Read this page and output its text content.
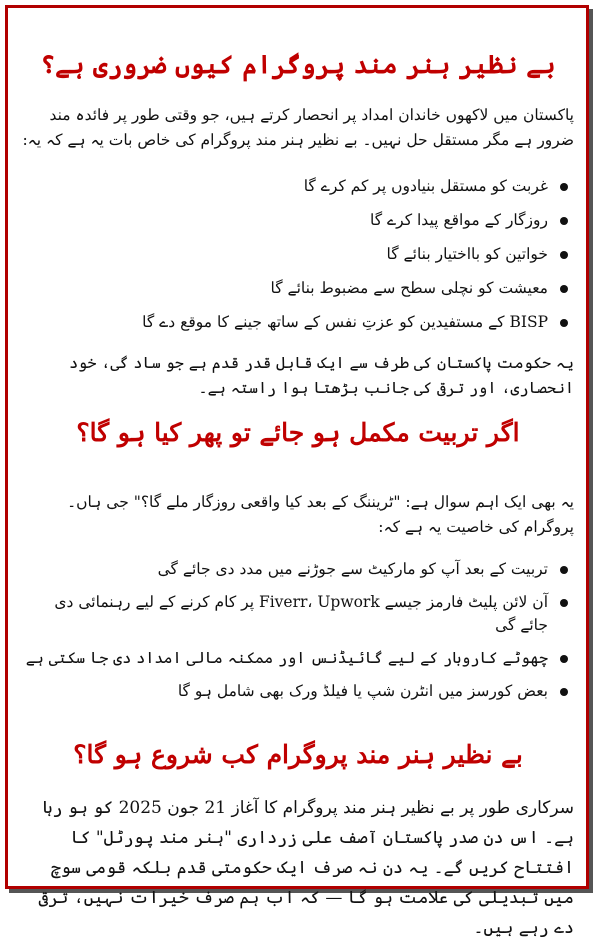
بے نظیر ہنر مند پروگرام کیوں ضروری ہے؟

پاکستان میں لاکھوں خاندان امداد پر انحصار کرتے ہیں، جو وقتی طور پر فائدہ مند ضرور ہے مگر مستقل حل نہیں۔ بے نظیر ہنر مند پروگرام کی خاص بات یہ ہے کہ یہ:

غربت کو مستقل بنیادوں پر کم کرے گا
روزگار کے مواقع پیدا کرے گا
خواتین کو بااختیار بنائے گا
معیشت کو نچلی سطح سے مضبوط بنائے گا
BISP کے مستفیدین کو عزتِ نفس کے ساتھ جینے کا موقع دے گا

یہ حکومت پاکستان کی طرف سے ایک قابل قدر قدم ہے جو ساد گی، خود انحصاری، اور ترقی کی جانب بڑھتا ہوا راستہ ہے۔

اگر تربیت مکمل ہو جائے تو پھر کیا ہو گا؟

یہ بھی ایک اہم سوال ہے: "ٹریننگ کے بعد کیا واقعی روزگار ملے گا؟" جی ہاں۔ پروگرام کی خاصیت یہ ہے کہ:

تربیت کے بعد آپ کو مارکیٹ سے جوڑنے میں مدد دی جائے گی
آن لائن پلیٹ فارمز جیسے Fiverr، Upwork پر کام کرنے کے لیے رہنمائی دی جائے گی
چھوٹے کاروبار کے لیے گائیڈنس اور ممکنہ مالی امداد دی جا سکتی ہے
بعض کورسز میں انٹرن شپ یا فیلڈ ورک بھی شامل ہو گا
بے نظیر ہنر مند پروگرام کب شروع ہو گا؟

سرکاری طور پر بے نظیر ہنر مند پروگرام کا آغاز 21 جون 2025 کو ہو رہا ہے۔ اس دن صدر پاکستان آصف علی زرداری "ہنر مند پورٹل" کا افتتاح کریں گے۔ یہ دن نہ صرف ایک حکومتی قدم بلکہ قومی سوچ میں تبدیلی کی علامت ہو گا — کہ اب ہم صرف خیرات نہیں، ترقی دے رہے ہیں۔
